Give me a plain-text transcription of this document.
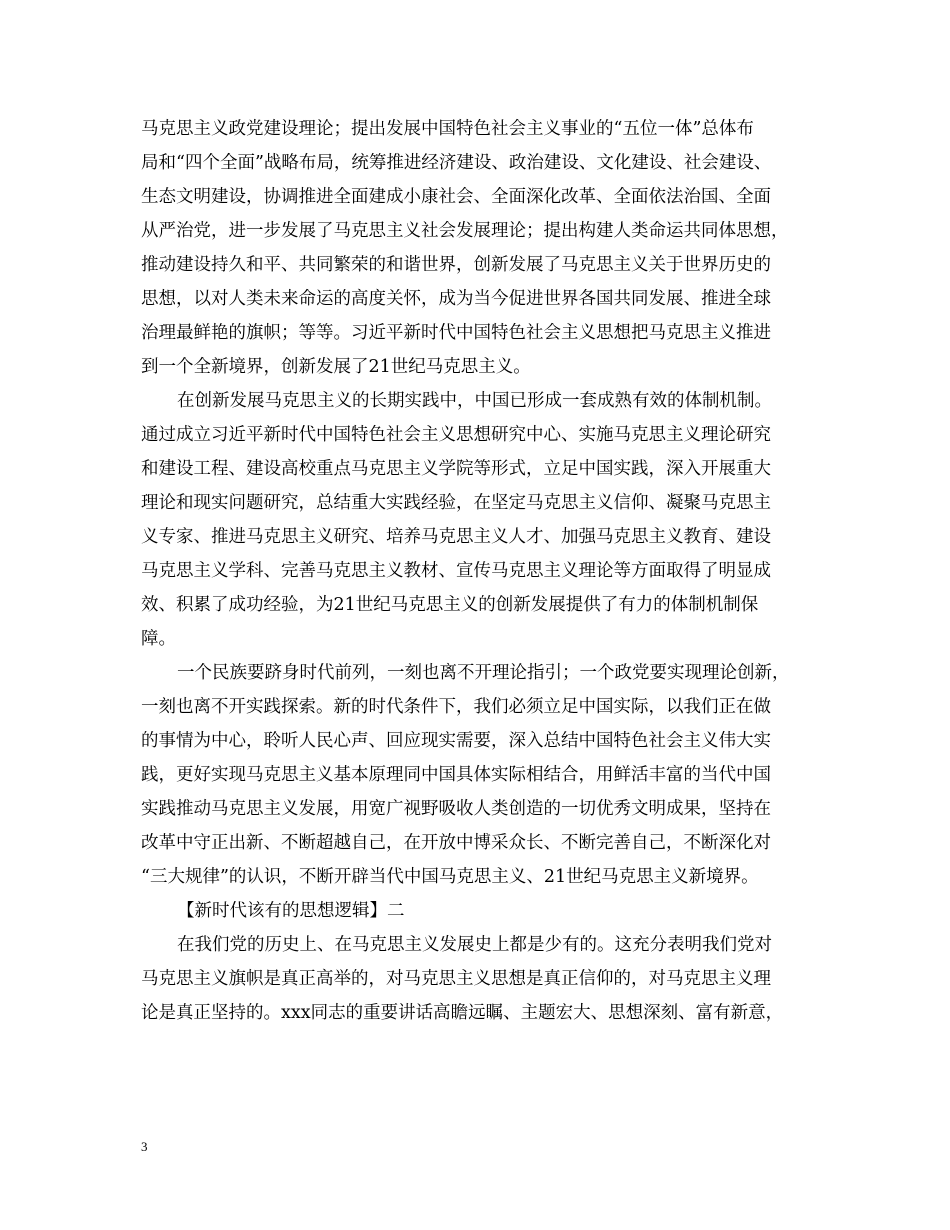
马克思主义政党建设理论；提出发展中国特色社会主义事业的“五位一体”总体布
局和“四个全面”战略布局，统筹推进经济建设、政治建设、文化建设、社会建设、
生态文明建设，协调推进全面建成小康社会、全面深化改革、全面依法治国、全面
从严治党，进一步发展了马克思主义社会发展理论；提出构建人类命运共同体思想，
推动建设持久和平、共同繁荣的和谐世界，创新发展了马克思主义关于世界历史的
思想，以对人类未来命运的高度关怀，成为当今促进世界各国共同发展、推进全球
治理最鲜艳的旗帜；等等。习近平新时代中国特色社会主义思想把马克思主义推进
到一个全新境界，创新发展了21世纪马克思主义。
在创新发展马克思主义的长期实践中，中国已形成一套成熟有效的体制机制。
通过成立习近平新时代中国特色社会主义思想研究中心、实施马克思主义理论研究
和建设工程、建设高校重点马克思主义学院等形式，立足中国实践，深入开展重大
理论和现实问题研究，总结重大实践经验，在坚定马克思主义信仰、凝聚马克思主
义专家、推进马克思主义研究、培养马克思主义人才、加强马克思主义教育、建设
马克思主义学科、完善马克思主义教材、宣传马克思主义理论等方面取得了明显成
效、积累了成功经验，为21世纪马克思主义的创新发展提供了有力的体制机制保
障。
一个民族要跻身时代前列，一刻也离不开理论指引；一个政党要实现理论创新，
一刻也离不开实践探索。新的时代条件下，我们必须立足中国实际，以我们正在做
的事情为中心，聆听人民心声、回应现实需要，深入总结中国特色社会主义伟大实
践，更好实现马克思主义基本原理同中国具体实际相结合，用鲜活丰富的当代中国
实践推动马克思主义发展，用宽广视野吸收人类创造的一切优秀文明成果，坚持在
改革中守正出新、不断超越自己，在开放中博采众长、不断完善自己，不断深化对
“三大规律”的认识，不断开辟当代中国马克思主义、21世纪马克思主义新境界。
【新时代该有的思想逻辑】二
在我们党的历史上、在马克思主义发展史上都是少有的。这充分表明我们党对
马克思主义旗帜是真正高举的，对马克思主义思想是真正信仰的，对马克思主义理
论是真正坚持的。xxx同志的重要讲话高瞻远瞩、主题宏大、思想深刻、富有新意，
3
